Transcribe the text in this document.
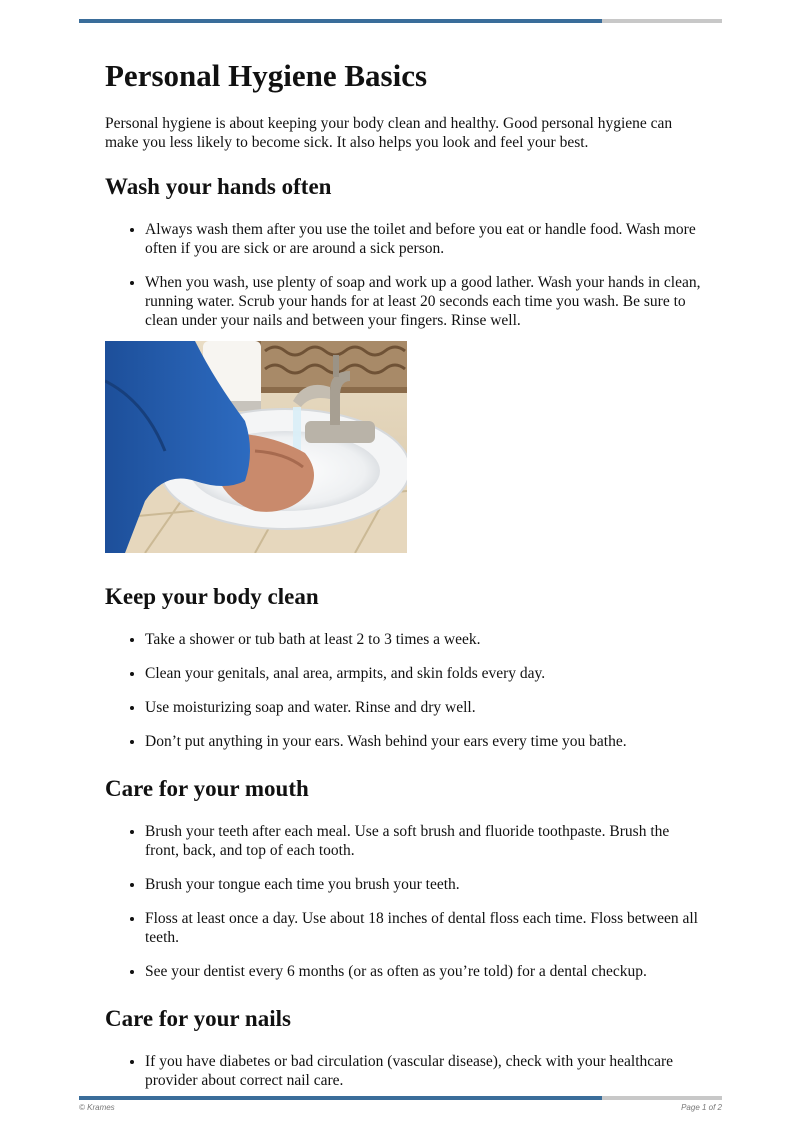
Personal Hygiene Basics

Personal hygiene is about keeping your body clean and healthy. Good personal hygiene can make you less likely to become sick. It also helps you look and feel your best.

Wash your hands often
• Always wash them after you use the toilet and before you eat or handle food. Wash more often if you are sick or are around a sick person.
• When you wash, use plenty of soap and work up a good lather. Wash your hands in clean, running water. Scrub your hands for at least 20 seconds each time you wash. Be sure to clean under your nails and between your fingers. Rinse well.
Keep your body clean
• Take a shower or tub bath at least 2 to 3 times a week.
• Clean your genitals, anal area, armpits, and skin folds every day.
• Use moisturizing soap and water. Rinse and dry well.
• Don’t put anything in your ears. Wash behind your ears every time you bathe.
Care for your mouth
• Brush your teeth after each meal. Use a soft brush and fluoride toothpaste. Brush the front, back, and top of each tooth.
• Brush your tongue each time you brush your teeth.
• Floss at least once a day. Use about 18 inches of dental floss each time. Floss between all teeth.
• See your dentist every 6 months (or as often as you’re told) for a dental checkup.
Care for your nails
• If you have diabetes or bad circulation (vascular disease), check with your healthcare provider about correct nail care.
© Krames	Page 1 of 2
